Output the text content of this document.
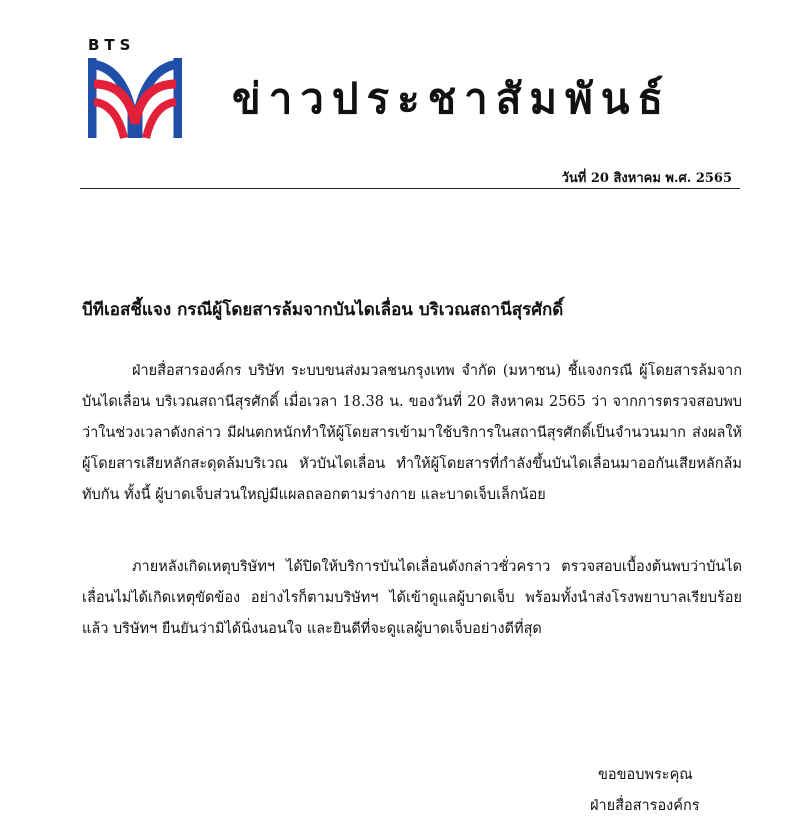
BTS
ข่าวประชาสัมพันธ์
วันที่ 20 สิงหาคม พ.ศ. 2565
บีทีเอสชี้แจง กรณีผู้โดยสารล้มจากบันไดเลื่อน บริเวณสถานีสุรศักดิ์
ฝ่ายสื่อสารองค์กร บริษัท ระบบขนส่งมวลชนกรุงเทพ จำกัด (มหาชน) ชี้แจงกรณี ผู้โดยสารล้มจากบันไดเลื่อน บริเวณสถานีสุรศักดิ์ เมื่อเวลา 18.38 น. ของวันที่ 20 สิงหาคม 2565 ว่า จากการตรวจสอบพบว่าในช่วงเวลาดังกล่าว มีฝนตกหนักทำให้ผู้โดยสารเข้ามาใช้บริการในสถานีสุรศักดิ์เป็นจำนวนมาก ส่งผลให้ผู้โดยสารเสียหลักสะดุดล้มบริเวณ หัวบันไดเลื่อน ทำให้ผู้โดยสารที่กำลังขึ้นบันไดเลื่อนมาออกันเสียหลักล้มทับกัน ทั้งนี้ ผู้บาดเจ็บส่วนใหญ่มีแผลถลอกตามร่างกาย และบาดเจ็บเล็กน้อย
ภายหลังเกิดเหตุบริษัทฯ ได้ปิดให้บริการบันไดเลื่อนดังกล่าวชั่วคราว ตรวจสอบเบื้องต้นพบว่าบันไดเลื่อนไม่ได้เกิดเหตุขัดข้อง อย่างไรก็ตามบริษัทฯ ได้เข้าดูแลผู้บาดเจ็บ พร้อมทั้งนำส่งโรงพยาบาลเรียบร้อยแล้ว บริษัทฯ ยืนยันว่ามิได้นิ่งนอนใจ และยินดีที่จะดูแลผู้บาดเจ็บอย่างดีที่สุด
ขอขอบพระคุณ
ฝ่ายสื่อสารองค์กร
